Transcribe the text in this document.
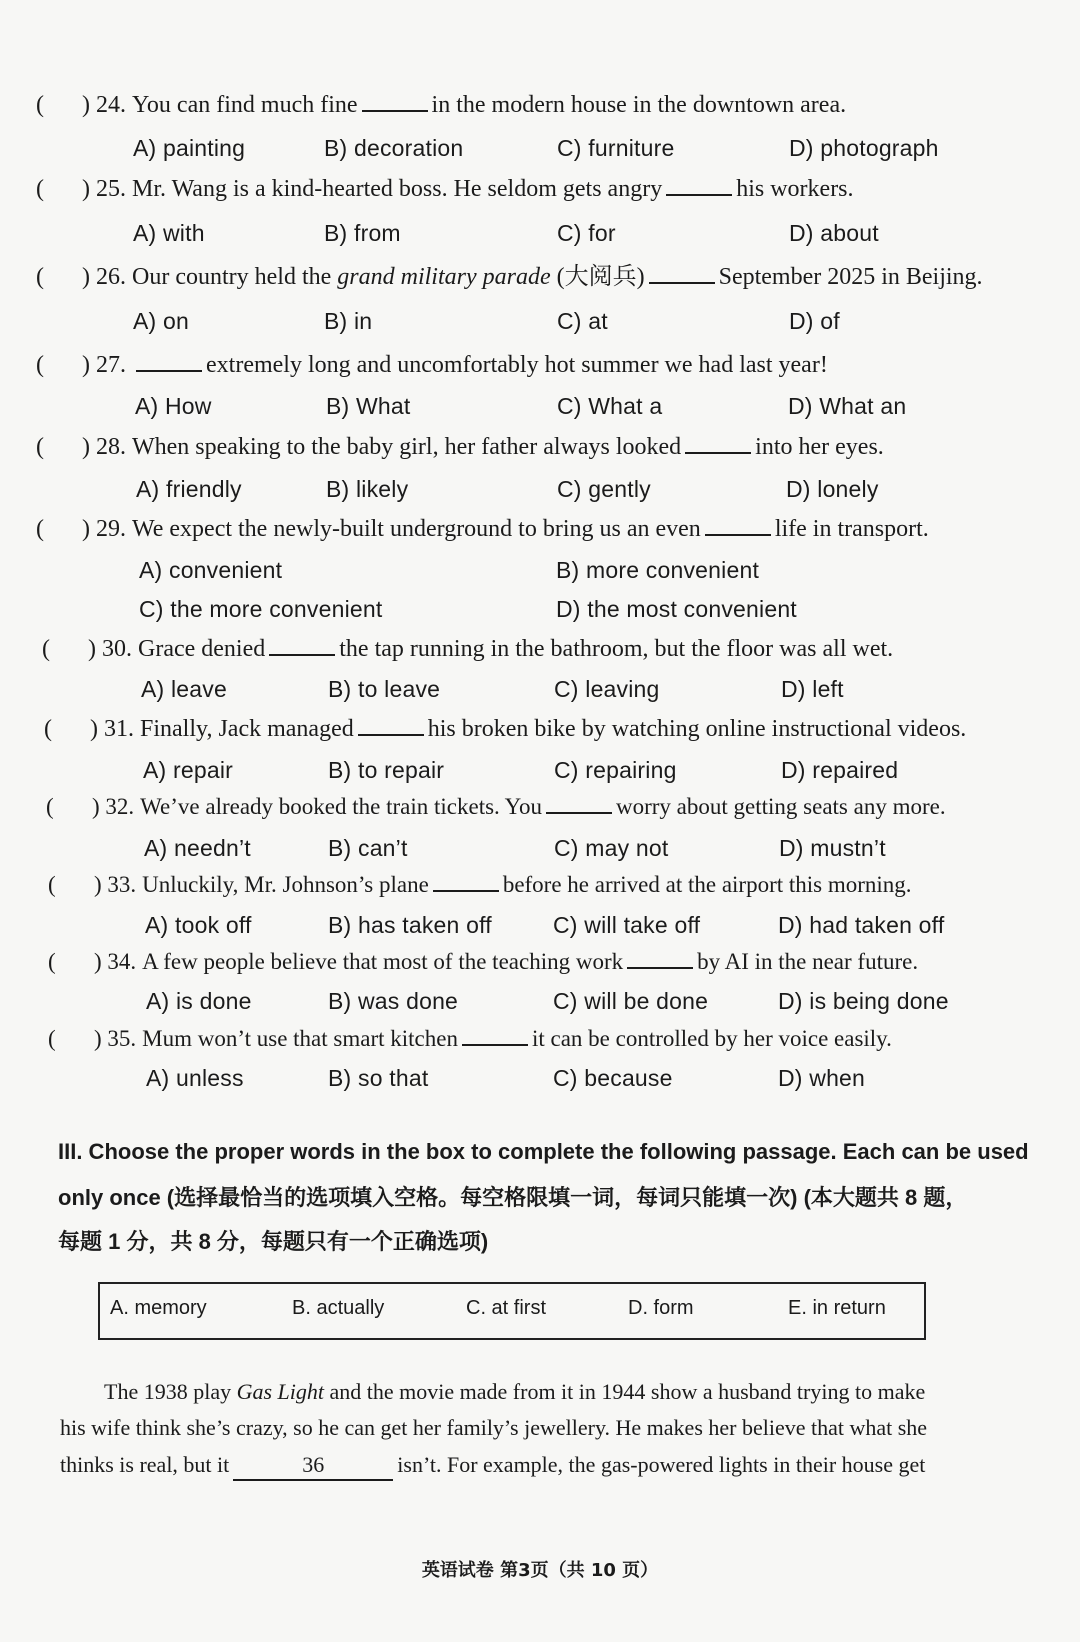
( ) 24. You can find much fine	in the modern house in the downtown area.
A) painting	B) decoration	C) furniture	D) photograph
( ) 25. Mr. Wang is a kind-hearted boss. He seldom gets angry	his workers.
A) with	B) from	C) for	D) about
( ) 26. Our country held the grand military parade (大阅兵)	September 2025 in Beijing.
A) on	B) in	C) at	D) of
( ) 27.	extremely long and uncomfortably hot summer we had last year!
A) How	B) What	C) What a	D) What an
( ) 28. When speaking to the baby girl, her father always looked	into her eyes.
A) friendly	B) likely	C) gently	D) lonely
( ) 29. We expect the newly-built underground to bring us an even	life in transport.
A) convenient	B) more convenient
C) the more convenient	D) the most convenient
( ) 30. Grace denied	the tap running in the bathroom, but the floor was all wet.
A) leave	B) to leave	C) leaving	D) left
( ) 31. Finally, Jack managed	his broken bike by watching online instructional videos.
A) repair	B) to repair	C) repairing	D) repaired
( ) 32. We’ve already booked the train tickets. You	worry about getting seats any more.
A) needn’t	B) can’t	C) may not	D) mustn’t
( ) 33. Unluckily, Mr. Johnson’s plane	before he arrived at the airport this morning.
A) took off	B) has taken off	C) will take off	D) had taken off
( ) 34. A few people believe that most of the teaching work	by AI in the near future.
A) is done	B) was done	C) will be done	D) is being done
( ) 35. Mum won’t use that smart kitchen	it can be controlled by her voice easily.
A) unless	B) so that	C) because	D) when
III. Choose the proper words in the box to complete the following passage. Each can be used
only once (选择最恰当的选项填入空格。每空格限填一词，每词只能填一次) (本大题共 8 题，
每题 1 分，共 8 分，每题只有一个正确选项)
A. memory	B. actually	C. at first	D. form	E. in return
The 1938 play Gas Light and the movie made from it in 1944 show a husband trying to make
his wife think she’s crazy, so he can get her family’s jewellery. He makes her believe that what she
thinks is real, but it	36	isn’t. For example, the gas-powered lights in their house get
英语试卷 第3页（共 10 页）
